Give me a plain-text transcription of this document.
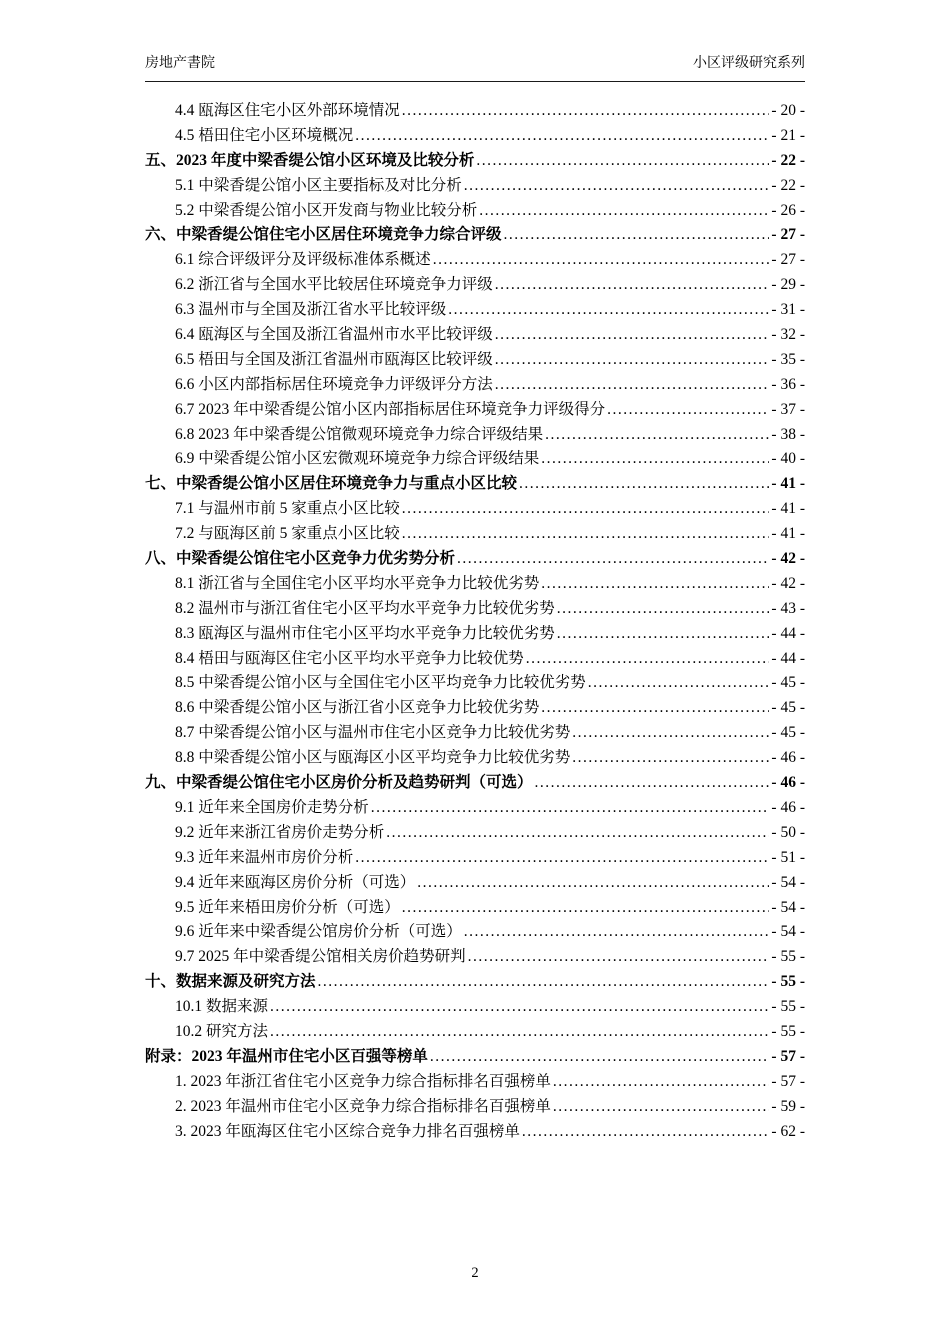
房地产書院	小区评级研究系列
4.4 瓯海区住宅小区外部环境情况 .....	- 20 -
4.5 梧田住宅小区环境概况 .....	- 21 -
五、2023 年度中梁香缇公馆小区环境及比较分析 .....	- 22 -
5.1 中梁香缇公馆小区主要指标及对比分析 .....	- 22 -
5.2 中梁香缇公馆小区开发商与物业比较分析 .....	- 26 -
六、中梁香缇公馆住宅小区居住环境竞争力综合评级 .....	- 27 -
6.1 综合评级评分及评级标准体系概述 .....	- 27 -
6.2 浙江省与全国水平比较居住环境竞争力评级 .....	- 29 -
6.3 温州市与全国及浙江省水平比较评级 .....	- 31 -
6.4 瓯海区与全国及浙江省温州市水平比较评级 .....	- 32 -
6.5 梧田与全国及浙江省温州市瓯海区比较评级 .....	- 35 -
6.6 小区内部指标居住环境竞争力评级评分方法 .....	- 36 -
6.7 2023 年中梁香缇公馆小区内部指标居住环境竞争力评级得分 .....	- 37 -
6.8 2023 年中梁香缇公馆微观环境竞争力综合评级结果 .....	- 38 -
6.9 中梁香缇公馆小区宏微观环境竞争力综合评级结果 .....	- 40 -
七、中梁香缇公馆小区居住环境竞争力与重点小区比较 .....	- 41 -
7.1 与温州市前 5 家重点小区比较 .....	- 41 -
7.2 与瓯海区前 5 家重点小区比较 .....	- 41 -
八、中梁香缇公馆住宅小区竞争力优劣势分析 .....	- 42 -
8.1 浙江省与全国住宅小区平均水平竞争力比较优劣势 .....	- 42 -
8.2 温州市与浙江省住宅小区平均水平竞争力比较优劣势 .....	- 43 -
8.3 瓯海区与温州市住宅小区平均水平竞争力比较优劣势 .....	- 44 -
8.4 梧田与瓯海区住宅小区平均水平竞争力比较优势 .....	- 44 -
8.5 中梁香缇公馆小区与全国住宅小区平均竞争力比较优劣势 .....	- 45 -
8.6 中梁香缇公馆小区与浙江省小区竞争力比较优劣势 .....	- 45 -
8.7 中梁香缇公馆小区与温州市住宅小区竞争力比较优劣势 .....	- 45 -
8.8 中梁香缇公馆小区与瓯海区小区平均竞争力比较优劣势 .....	- 46 -
九、中梁香缇公馆住宅小区房价分析及趋势研判（可选） .....	- 46 -
9.1 近年来全国房价走势分析 .....	- 46 -
9.2 近年来浙江省房价走势分析 .....	- 50 -
9.3 近年来温州市房价分析 .....	- 51 -
9.4 近年来瓯海区房价分析（可选） .....	- 54 -
9.5 近年来梧田房价分析（可选） .....	- 54 -
9.6 近年来中梁香缇公馆房价分析（可选） .....	- 54 -
9.7 2025 年中梁香缇公馆相关房价趋势研判 .....	- 55 -
十、数据来源及研究方法 .....	- 55 -
10.1 数据来源 .....	- 55 -
10.2 研究方法 .....	- 55 -
附录：2023 年温州市住宅小区百强等榜单 .....	- 57 -
1. 2023 年浙江省住宅小区竞争力综合指标排名百强榜单 .....	- 57 -
2. 2023 年温州市住宅小区竞争力综合指标排名百强榜单 .....	- 59 -
3. 2023 年瓯海区住宅小区综合竞争力排名百强榜单 .....	- 62 -
2
